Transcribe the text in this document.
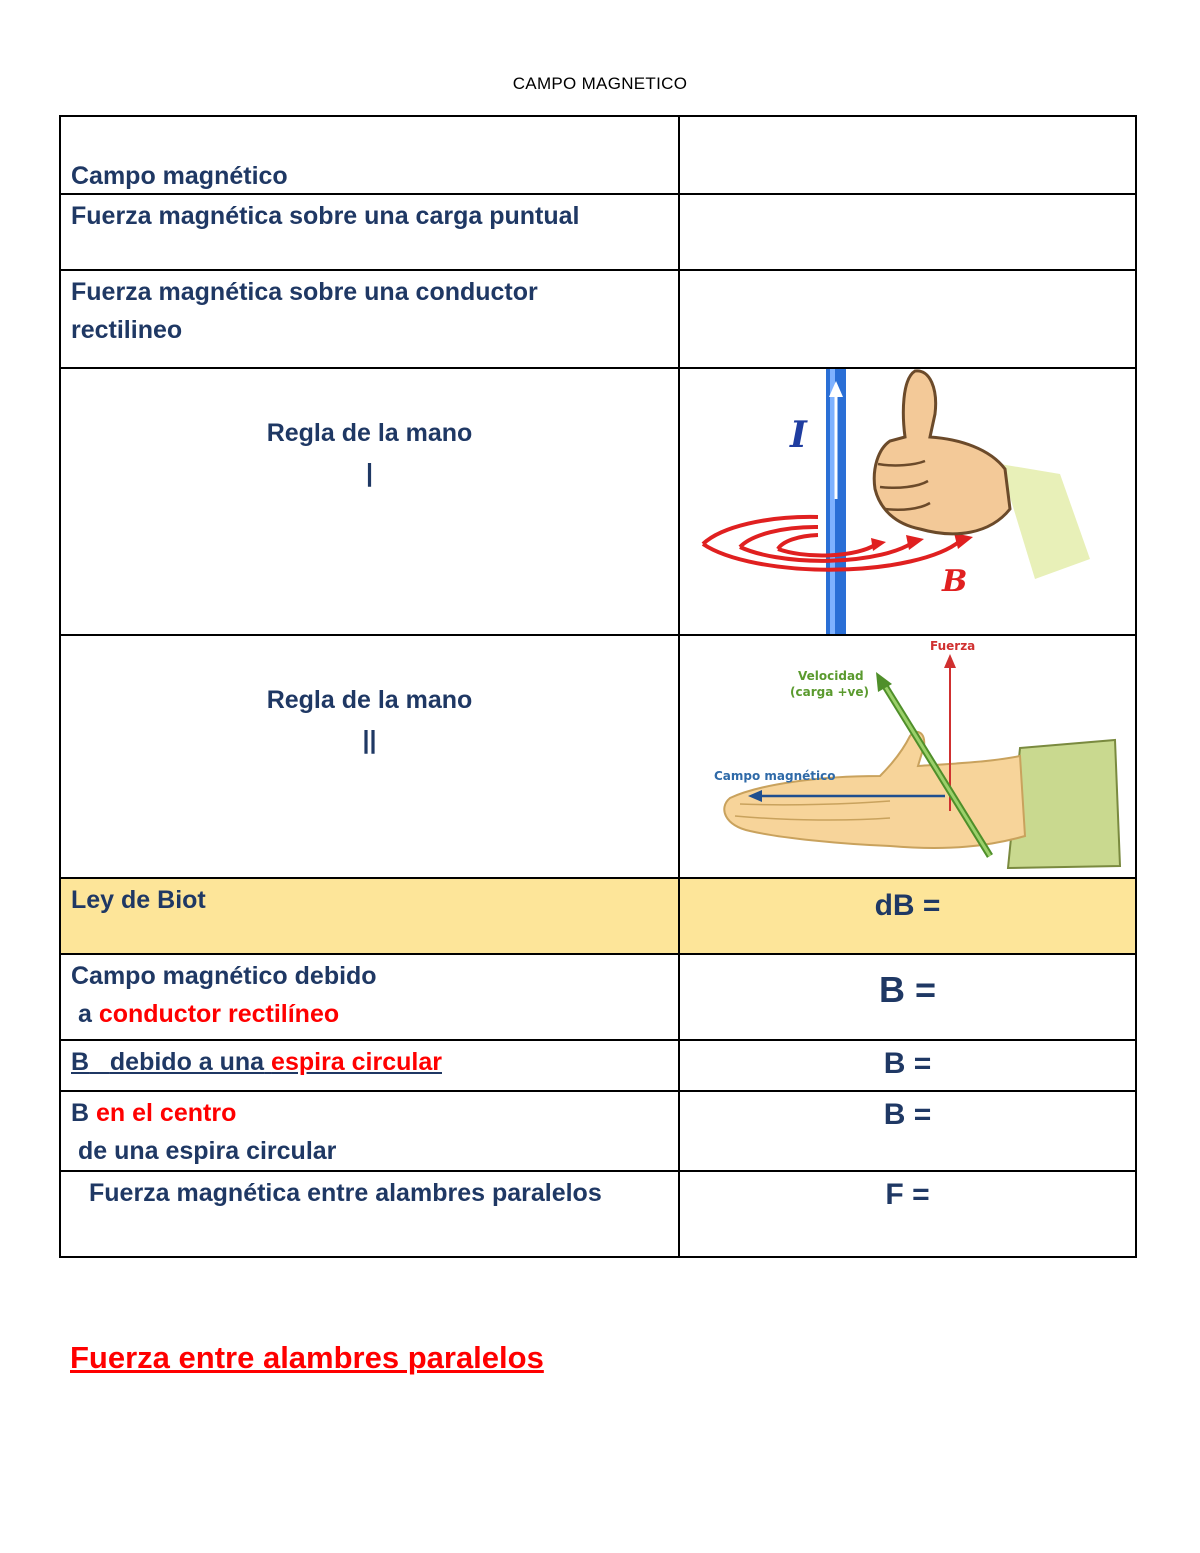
CAMPO MAGNETICO
Campo magnético	

Fuerza magnética sobre una carga puntual	

Fuerza magnética sobre una conductor
rectilineo	

Regla de la mano
|	I
B

Regla de la mano
||	Fuerza
Velocidad
(carga +ve)
Campo magnético

Ley de Biot	dB =

Campo magnético debido
a conductor rectilíneo	B =

B debido a una espira circular	B =

B en el centro
de una espira circular	B =

Fuerza magnética entre alambres paralelos	F =
Fuerza entre alambres paralelos
